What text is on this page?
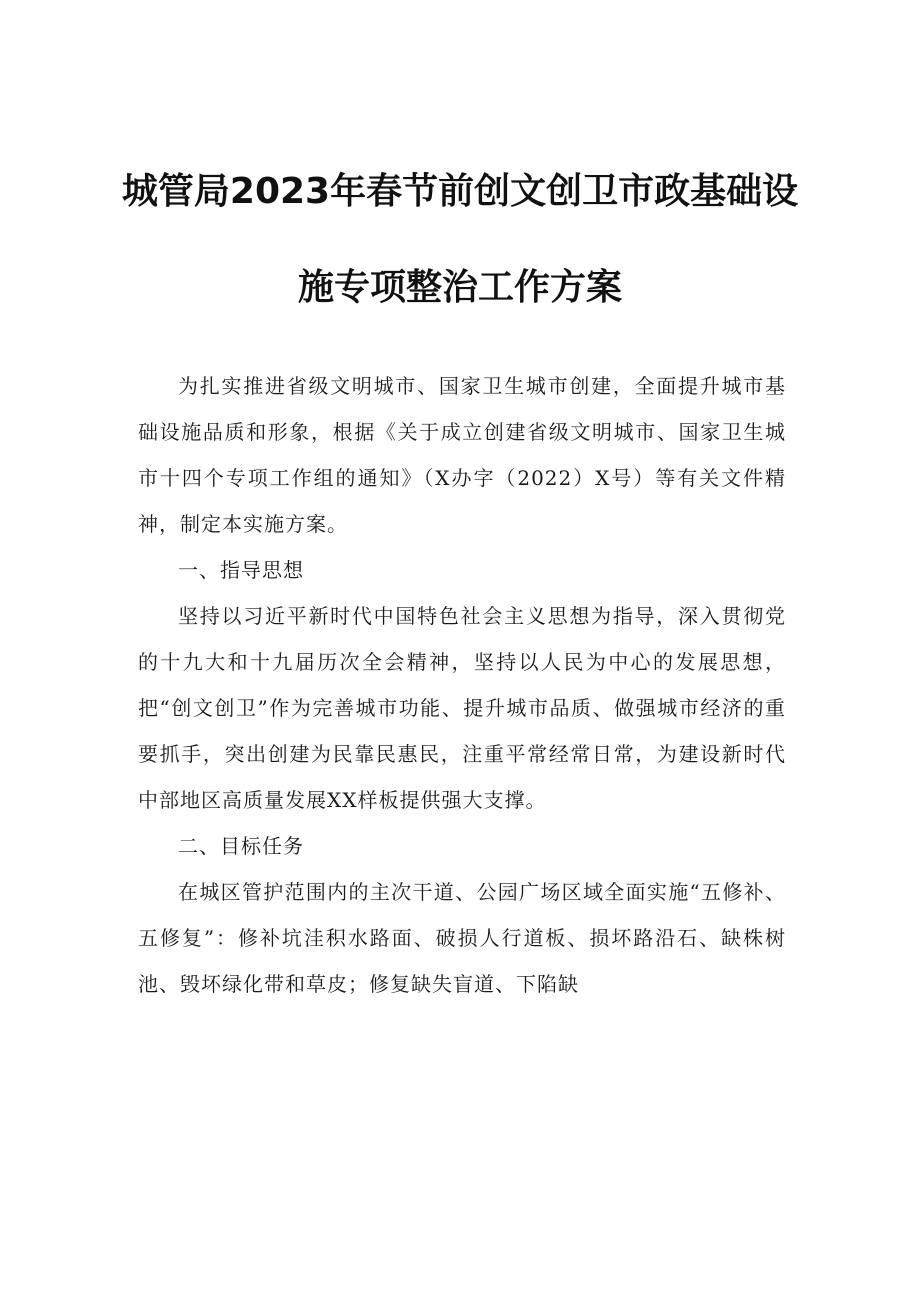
城管局2023年春节前创文创卫市政基础设
施专项整治工作方案

为扎实推进省级文明城市、国家卫生城市创建，全面提升城市基础设施品质和形象，根据《关于成立创建省级文明城市、国家卫生城市十四个专项工作组的通知》（X办字（2022）X号）等有关文件精神，制定本实施方案。

一、指导思想

坚持以习近平新时代中国特色社会主义思想为指导，深入贯彻党的十九大和十九届历次全会精神，坚持以人民为中心的发展思想，把“创文创卫”作为完善城市功能、提升城市品质、做强城市经济的重要抓手，突出创建为民靠民惠民，注重平常经常日常，为建设新时代中部地区高质量发展XX样板提供强大支撑。

二、目标任务

在城区管护范围内的主次干道、公园广场区域全面实施“五修补、五修复”：修补坑洼积水路面、破损人行道板、损坏路沿石、缺株树池、毁坏绿化带和草皮；修复缺失盲道、下陷缺
